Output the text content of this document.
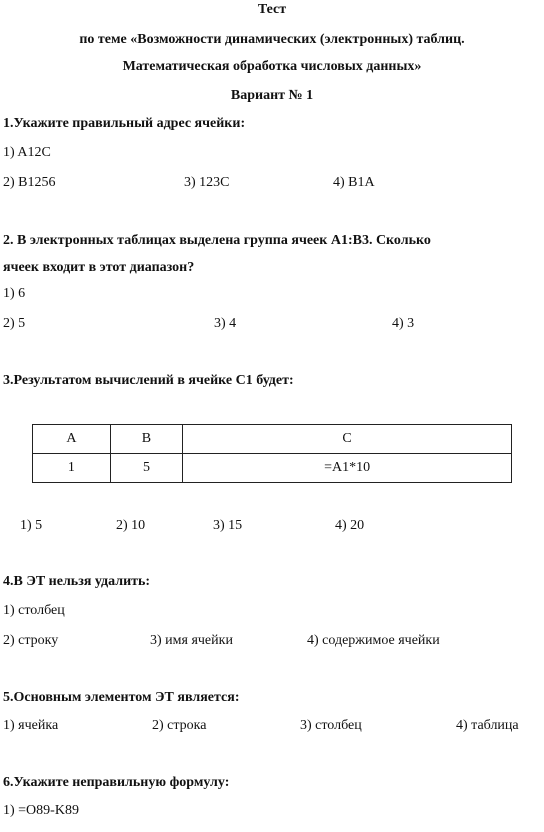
Тест
по теме «Возможности динамических (электронных) таблиц.
Математическая обработка числовых данных»
Вариант № 1
1.Укажите правильный адрес ячейки:
1) A12C
2) B1256	3) 123C	4) B1A
2. В электронных таблицах выделена группа ячеек А1:В3. Сколько
ячеек входит в этот диапазон?
1) 6
2) 5	3) 4	4) 3
3.Результатом вычислений в ячейке С1 будет:
A	B	C
1	5	=A1*10
1) 5	2) 10	3) 15	4) 20
4.В ЭТ нельзя удалить:
1) столбец
2) строку	3) имя ячейки	4) содержимое ячейки
5.Основным элементом ЭТ является:
1) ячейка	2) строка	3) столбец	4) таблица
6.Укажите неправильную формулу:
1) =O89-K89
